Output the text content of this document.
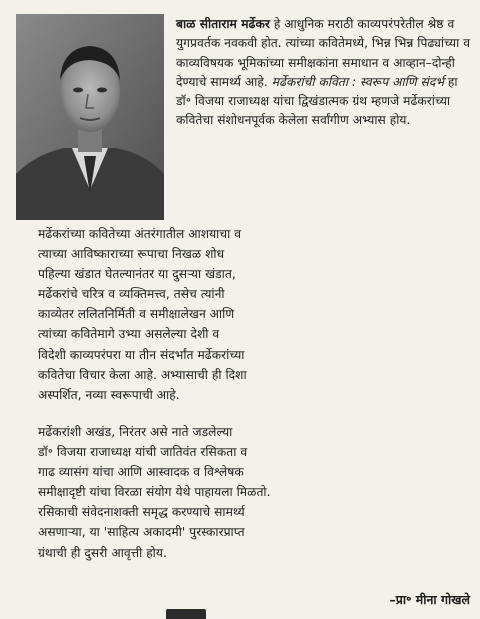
बाळ सीताराम मर्ढेकर हे आधुनिक मराठी काव्यपरंपरेतील श्रेष्ठ व युगप्रवर्तक नवकवी होत. त्यांच्या कवितेमध्ये, भिन्न भिन्न पिढ्यांच्या व काव्यविषयक भूमिकांच्या समीक्षकांना समाधान व आव्हान–दोन्ही देण्याचे सामर्थ्य आहे. मर्ढेकरांची कविता : स्वरूप आणि संदर्भ हा डॉ॰ विजया राजाध्यक्ष यांचा द्विखंडात्मक ग्रंथ म्हणजे मर्ढेकरांच्या कवितेचा संशोधनपूर्वक केलेला सर्वांगीण अभ्यास होय.
मर्ढेकरांच्या कवितेच्या अंतरंगातील आशयाचा व
त्याच्या आविष्काराच्या रूपाचा निखळ शोध
पहिल्या खंडात घेतल्यानंतर या दुसऱ्या खंडात,
मर्ढेकरांचे चरित्र व व्यक्तिमत्त्व, तसेच त्यांनी
काव्येतर ललितनिर्मिती व समीक्षालेखन आणि
त्यांच्या कवितेमागे उभ्या असलेल्या देशी व
विदेशी काव्यपरंपरा या तीन संदर्भांत मर्ढेकरांच्या
कवितेचा विचार केला आहे. अभ्यासाची ही दिशा
अस्पर्शित, नव्या स्वरूपाची आहे.
मर्ढेकरांशी अखंड, निरंतर असे नाते जडलेल्या
डॉ॰ विजया राजाध्यक्ष यांची जातिवंत रसिकता व
गाढ व्यासंग यांचा आणि आस्वादक व विश्लेषक
समीक्षादृष्टी यांचा विरळा संयोग येथे पाहायला मिळतो.
रसिकाची संवेदनाशक्ती समृद्ध करण्याचे सामर्थ्य
असणाऱ्या, या 'साहित्य अकादमी' पुरस्कारप्राप्त
ग्रंथाची ही दुसरी आवृत्ती होय.
–प्रा॰ मीना गोखले
